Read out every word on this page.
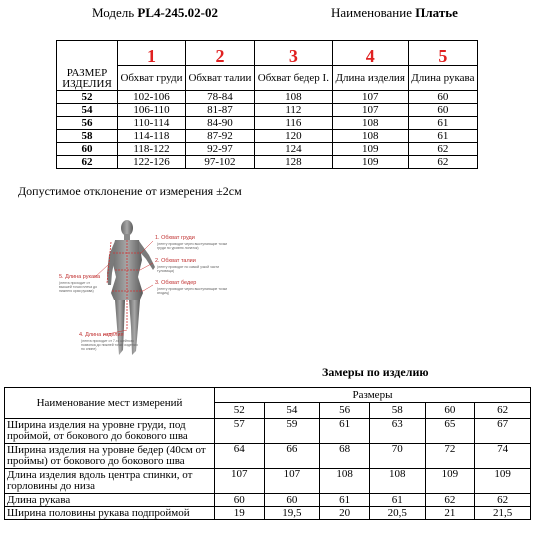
Модель PL4-245.02-02	Наименование Платье
РАЗМЕР ИЗДЕЛИЯ	1	2	3	4	5
	Обхват груди	Обхват талии	Обхват бедер I.	Длина изделия	Длина рукава
52	102-106	78-84	108	107	60
54	106-110	81-87	112	107	60
56	110-114	84-90	116	108	61
58	114-118	87-92	120	108	61
60	118-122	92-97	124	109	62
62	122-126	97-102	128	109	62
Допустимое отклонение от измерения ±2см
1. Обхват груди
(ленту проводят через выступающие точки груди по уровню лопаток)
2. Обхват талии
(ленту проводят по самой узкой части туловища)
3. Обхват бедер
(ленту проводят через выступающие точки ягодиц)
5. Длина рукава
(лента проходит от высшей точки плеча до нижнего края рукава)
4. Длина изделия
(лента проходит от 7-го шейного позвонка до нижней точки изделия по спине)
Замеры по изделию
Наименование мест измерений	Размеры					
	52	54	56	58	60	62
Ширина изделия на уровне груди, под проймой, от бокового до бокового шва	57	59	61	63	65	67
Ширина изделия на уровне бедер (40см от проймы) от бокового до бокового шва	64	66	68	70	72	74
Длина изделия вдоль центра спинки, от горловины до низа	107	107	108	108	109	109
Длина рукава	60	60	61	61	62	62
Ширина половины рукава подпроймой	19	19,5	20	20,5	21	21,5
